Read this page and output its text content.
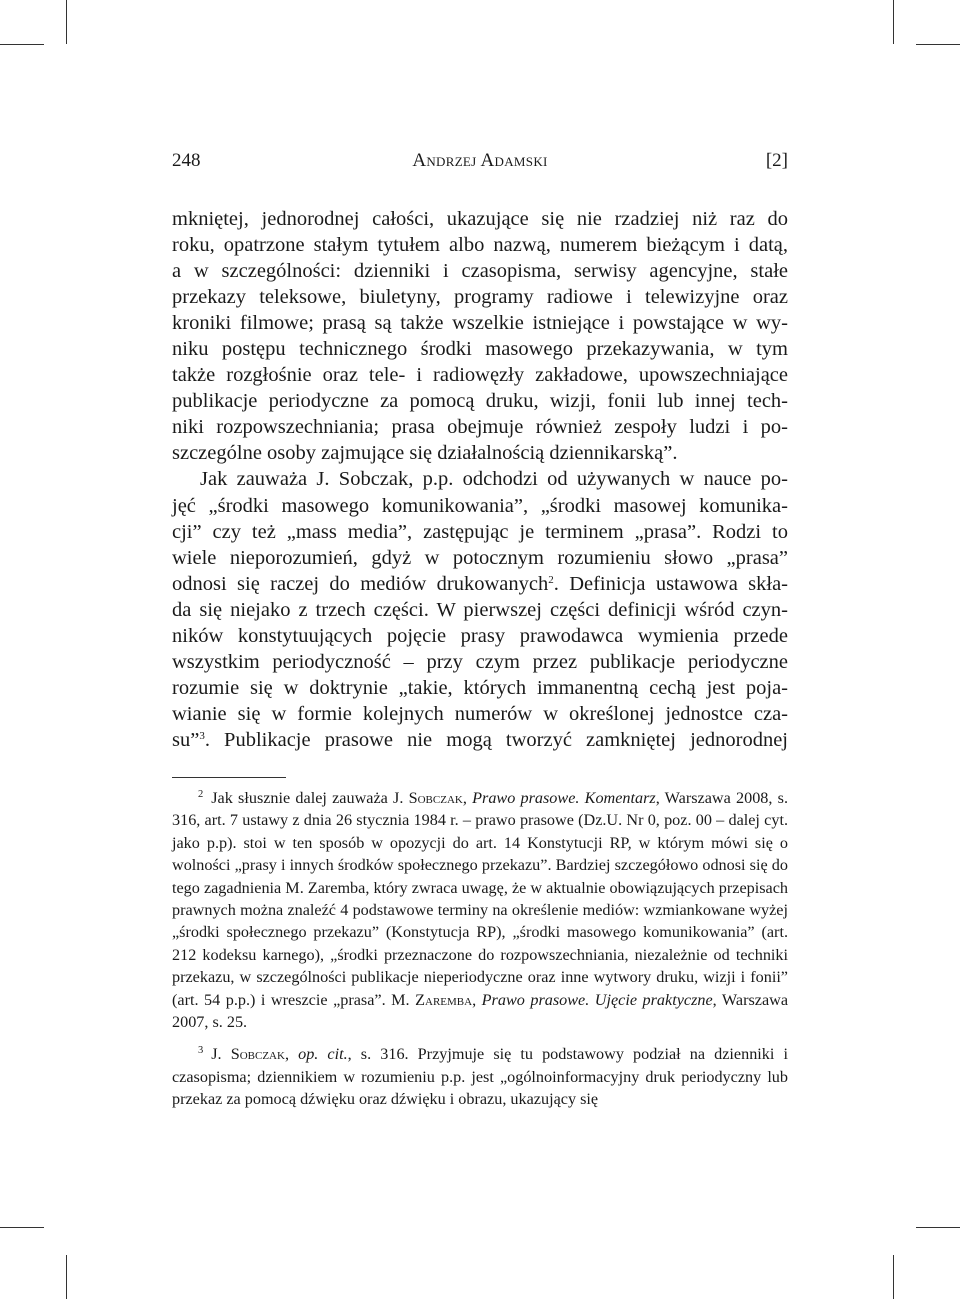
248	Andrzej Adamski	[2]

mkniętej, jednorodnej całości, ukazujące się nie rzadziej niż raz do
roku, opatrzone stałym tytułem albo nazwą, numerem bieżącym i datą,
a w szczególności: dzienniki i czasopisma, serwisy agencyjne, stałe
przekazy teleksowe, biuletyny, programy radiowe i telewizyjne oraz
kroniki filmowe; prasą są także wszelkie istniejące i powstające w wy-
niku postępu technicznego środki masowego przekazywania, w tym
także rozgłośnie oraz tele- i radiowęzły zakładowe, upowszechniające
publikacje periodyczne za pomocą druku, wizji, fonii lub innej tech-
niki rozpowszechniania; prasa obejmuje również zespoły ludzi i po-
szczególne osoby zajmujące się działalnością dziennikarską”.

Jak zauważa J. Sobczak, p.p. odchodzi od używanych w nauce po-
jęć „środki masowego komunikowania”, „środki masowej komunika-
cji” czy też „mass media”, zastępując je terminem „prasa”. Rodzi to
wiele nieporozumień, gdyż w potocznym rozumieniu słowo „prasa”
odnosi się raczej do mediów drukowanych$^2$. Definicja ustawowa skła-
da się niejako z trzech części. W pierwszej części definicji wśród czyn-
ników konstytuujących pojęcie prasy prawodawca wymienia przede
wszystkim periodyczność – przy czym przez publikacje periodyczne
rozumie się w doktrynie „takie, których immanentną cechą jest poja-
wianie się w formie kolejnych numerów w określonej jednostce cza-
su”$^3$. Publikacje prasowe nie mogą tworzyć zamkniętej jednorodnej

$^2$ Jak słusznie dalej zauważa J. Sobczak, Prawo prasowe. Komentarz, Warszawa 2008, s. 316, art. 7 ustawy z dnia 26 stycznia 1984 r. – prawo prasowe (Dz.U. Nr 0, poz. 00 – dalej cyt. jako p.p). stoi w ten sposób w opozycji do art. 14 Konstytucji RP, w którym mówi się o wolności „prasy i innych środków społecznego przekazu”. Bardziej szczegółowo odnosi się do tego zagadnienia M. Zaremba, który zwraca uwagę, że w aktualnie obowiązujących przepisach prawnych można znaleźć 4 podstawowe terminy na określenie mediów: wzmiankowane wyżej „środki społecznego przekazu” (Konstytucja RP), „środki masowego komunikowania” (art. 212 kodeksu karnego), „środki przeznaczone do rozpowszechniania, niezależnie od techniki przekazu, w szczególności publikacje nieperiodyczne oraz inne wytwory druku, wizji i fonii” (art. 54 p.p.) i wreszcie „prasa”. M. Zaremba, Prawo prasowe. Ujęcie praktyczne, Warszawa 2007, s. 25.
$^3$ J. Sobczak, op. cit., s. 316. Przyjmuje się tu podstawowy podział na dzienniki i czasopisma; dziennikiem w rozumieniu p.p. jest „ogólnoinformacyjny druk periodyczny lub przekaz za pomocą dźwięku oraz dźwięku i obrazu, ukazujący się
